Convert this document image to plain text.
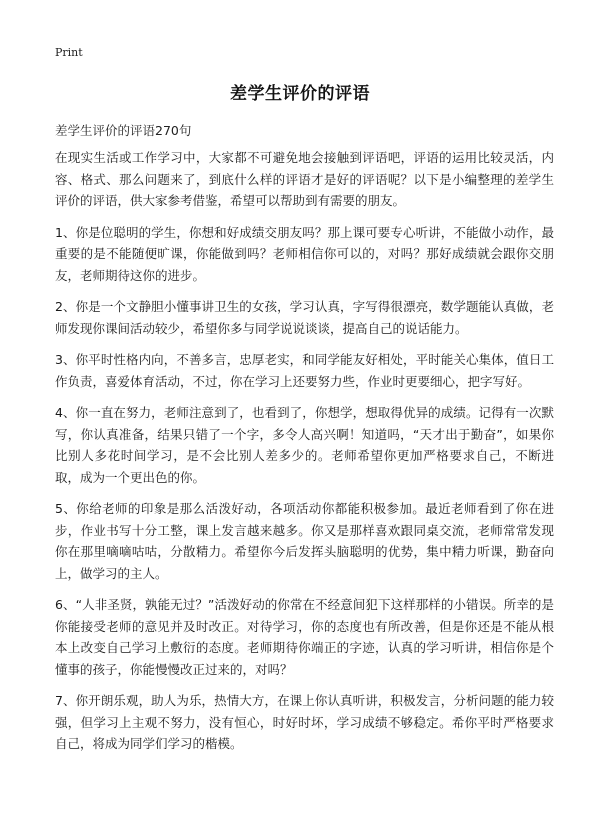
Print
差学生评价的评语
差学生评价的评语270句

在现实生活或工作学习中，大家都不可避免地会接触到评语吧，评语的运用比较灵活，内容、格式、那么问题来了，到底什么样的评语才是好的评语呢？以下是小编整理的差学生评价的评语，供大家参考借鉴，希望可以帮助到有需要的朋友。

1、你是位聪明的学生，你想和好成绩交朋友吗？那上课可要专心听讲，不能做小动作，最重要的是不能随便旷课，你能做到吗？老师相信你可以的，对吗？那好成绩就会跟你交朋友，老师期待这你的进步。

2、你是一个文静胆小懂事讲卫生的女孩，学习认真，字写得很漂亮，数学题能认真做，老师发现你课间活动较少，希望你多与同学说说谈谈，提高自己的说话能力。

3、你平时性格内向，不善多言，忠厚老实，和同学能友好相处，平时能关心集体，值日工作负责，喜爱体育活动，不过，你在学习上还要努力些，作业时更要细心，把字写好。

4、你一直在努力，老师注意到了，也看到了，你想学，想取得优异的成绩。记得有一次默写，你认真准备，结果只错了一个字，多令人高兴啊！知道吗，“天才出于勤奋”，如果你比别人多花时间学习，是不会比别人差多少的。老师希望你更加严格要求自己，不断进取，成为一个更出色的你。

5、你给老师的印象是那么活泼好动，各项活动你都能积极参加。最近老师看到了你在进步，作业书写十分工整，课上发言越来越多。你又是那样喜欢跟同桌交流，老师常常发现你在那里嘀嘀咕咕，分散精力。希望你今后发挥头脑聪明的优势，集中精力听课，勤奋向上，做学习的主人。

6、“人非圣贤，孰能无过？”活泼好动的你常在不经意间犯下这样那样的小错误。所幸的是你能接受老师的意见并及时改正。对待学习，你的态度也有所改善，但是你还是不能从根本上改变自己学习上敷衍的态度。老师期待你端正的字迹，认真的学习听讲，相信你是个懂事的孩子，你能慢慢改正过来的，对吗？

7、你开朗乐观，助人为乐，热情大方，在课上你认真听讲，积极发言，分析问题的能力较强，但学习上主观不努力，没有恒心，时好时坏，学习成绩不够稳定。希你平时严格要求自己，将成为同学们学习的楷模。
